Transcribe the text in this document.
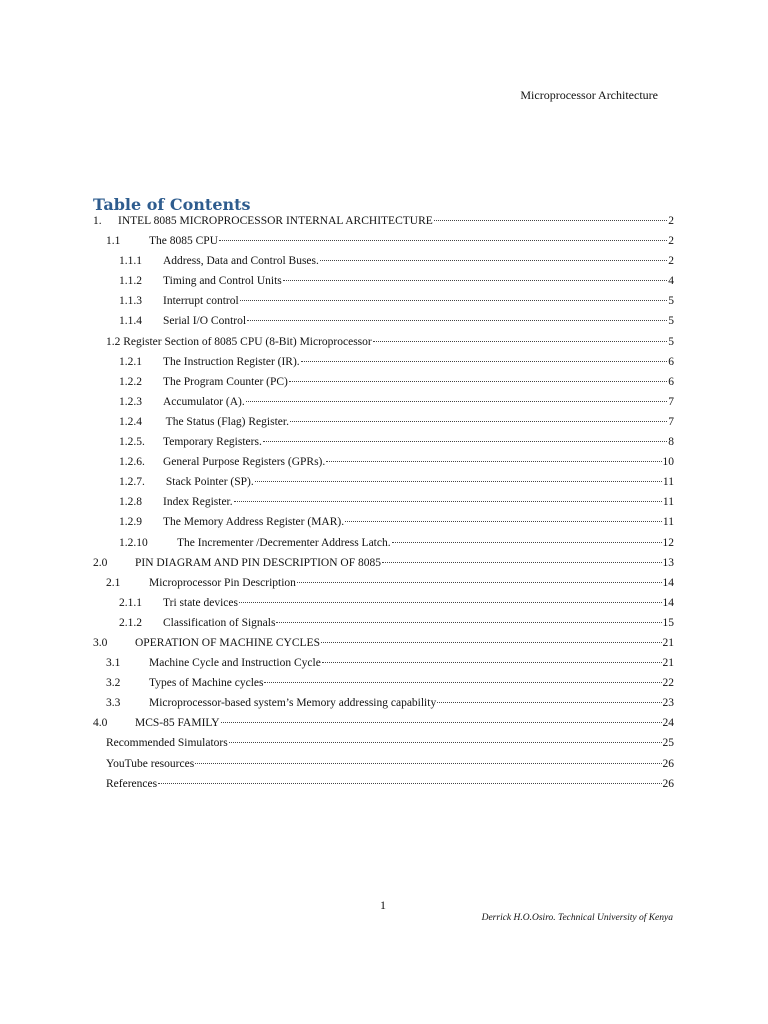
Microprocessor Architecture
Table of Contents
1.	INTEL 8085 MICROPROCESSOR INTERNAL ARCHITECTURE	2
1.1	The 8085 CPU	2
1.1.1	Address, Data and Control Buses.	2
1.1.2	Timing and Control Units	4
1.1.3	Interrupt control	5
1.1.4	Serial I/O Control	5
1.2 Register Section of 8085 CPU (8-Bit) Microprocessor	5
1.2.1	The Instruction Register (IR).	6
1.2.2	The Program Counter (PC)	6
1.2.3	Accumulator (A).	7
1.2.4	The Status (Flag) Register.	7
1.2.5.	Temporary Registers.	8
1.2.6.	General Purpose Registers (GPRs).	10
1.2.7.	Stack Pointer (SP).	11
1.2.8	Index Register.	11
1.2.9	The Memory Address Register (MAR).	11
1.2.10	The Incrementer /Decrementer Address Latch.	12
2.0	PIN DIAGRAM AND PIN DESCRIPTION OF 8085	13
2.1	Microprocessor Pin Description	14
2.1.1	Tri state devices	14
2.1.2	Classification of Signals	15
3.0	OPERATION OF MACHINE CYCLES	21
3.1	Machine Cycle and Instruction Cycle	21
3.2	Types of Machine cycles	22
3.3	Microprocessor-based system’s Memory addressing capability	23
4.0	MCS-85 FAMILY	24
Recommended Simulators	25
YouTube resources	26
References	26
1
Derrick H.O.Osiro. Technical University of Kenya
